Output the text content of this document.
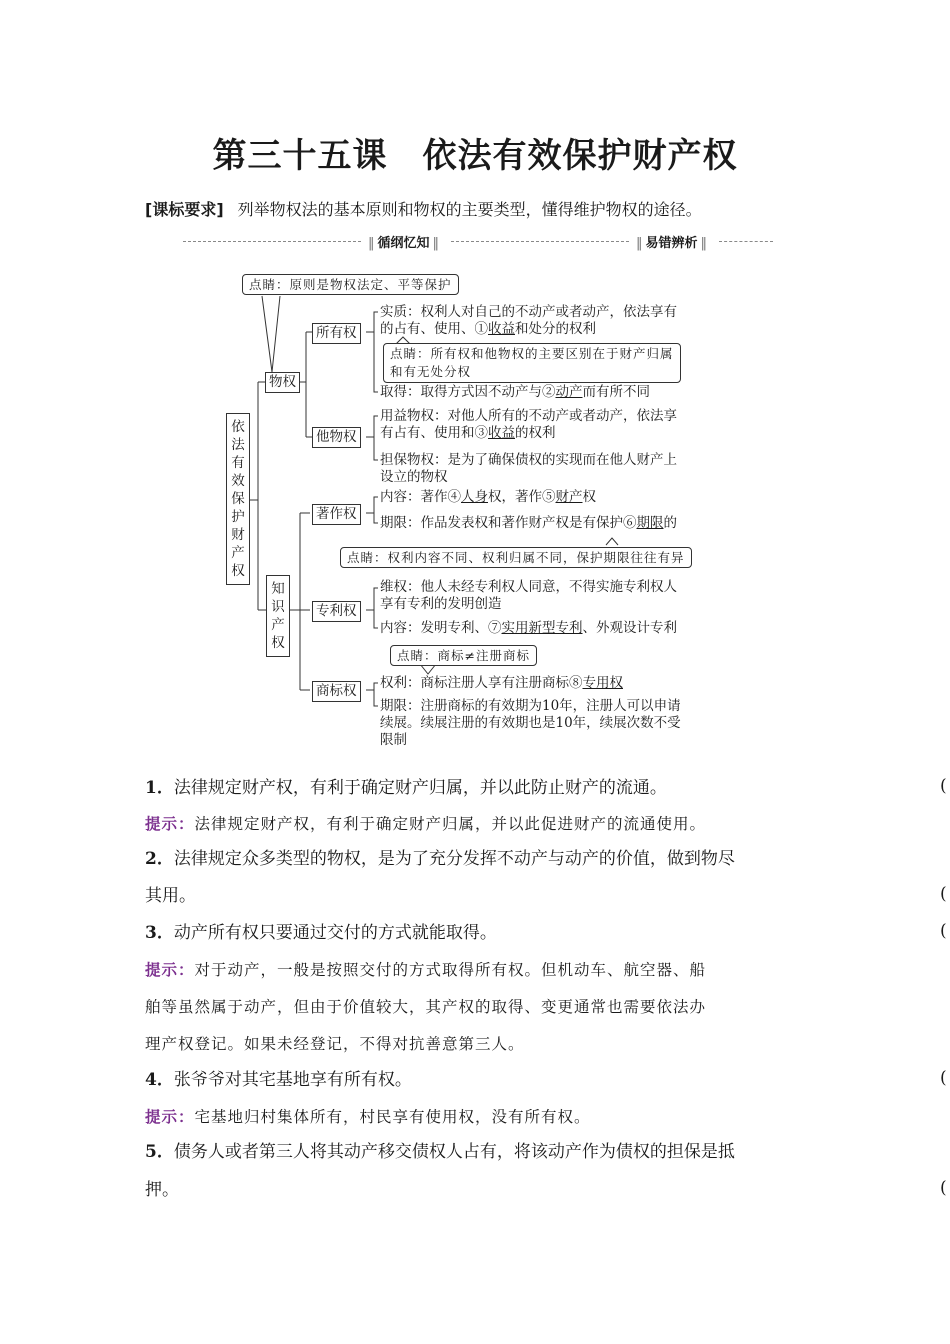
第三十五课　依法有效保护财产权
[课标要求] 列举物权法的基本原则和物权的主要类型，懂得维护物权的途径。
‖ 循纲忆知 ‖
‖	易错辨析 ‖
依法有效保护财产权
点睛：原则是物权法定、平等保护
物权
所有权
实质：权利人对自己的不动产或者动产，依法享有
的占有、使用、①收益和处分的权利
点睛：所有权和他物权的主要区别在于财产归属
和有无处分权
取得：取得方式因不动产与②动产而有所不同
他物权
用益物权：对他人所有的不动产或者动产，依法享
有占有、使用和③收益的权利
担保物权：是为了确保债权的实现而在他人财产上
设立的物权
知识产权
著作权
内容：著作④人身权，著作⑤财产权
期限：作品发表权和著作财产权是有保护⑥期限的
点睛：权利内容不同、权利归属不同，保护期限往往有异
专利权
维权：他人未经专利权人同意，不得实施专利权人
享有专利的发明创造
内容：发明专利、⑦实用新型专利、外观设计专利
点睛：商标≠注册商标
商标权 权利：商标注册人享有注册商标⑧专用权
期限：注册商标的有效期为10年，注册人可以申请
续展。续展注册的有效期也是10年，续展次数不受
限制
1．法律规定财产权，有利于确定财产归属，并以此防止财产的流通。	(
提示：法律规定财产权，有利于确定财产归属，并以此促进财产的流通使用。
2．法律规定众多类型的物权，是为了充分发挥不动产与动产的价值，做到物尽
其用。	(
3．动产所有权只要通过交付的方式就能取得。	(
提示：对于动产，一般是按照交付的方式取得所有权。但机动车、航空器、船
舶等虽然属于动产，但由于价值较大，其产权的取得、变更通常也需要依法办
理产权登记。如果未经登记，不得对抗善意第三人。
4．张爷爷对其宅基地享有所有权。	(
提示：宅基地归村集体所有，村民享有使用权，没有所有权。
5．债务人或者第三人将其动产移交债权人占有，将该动产作为债权的担保是抵
押。	(
